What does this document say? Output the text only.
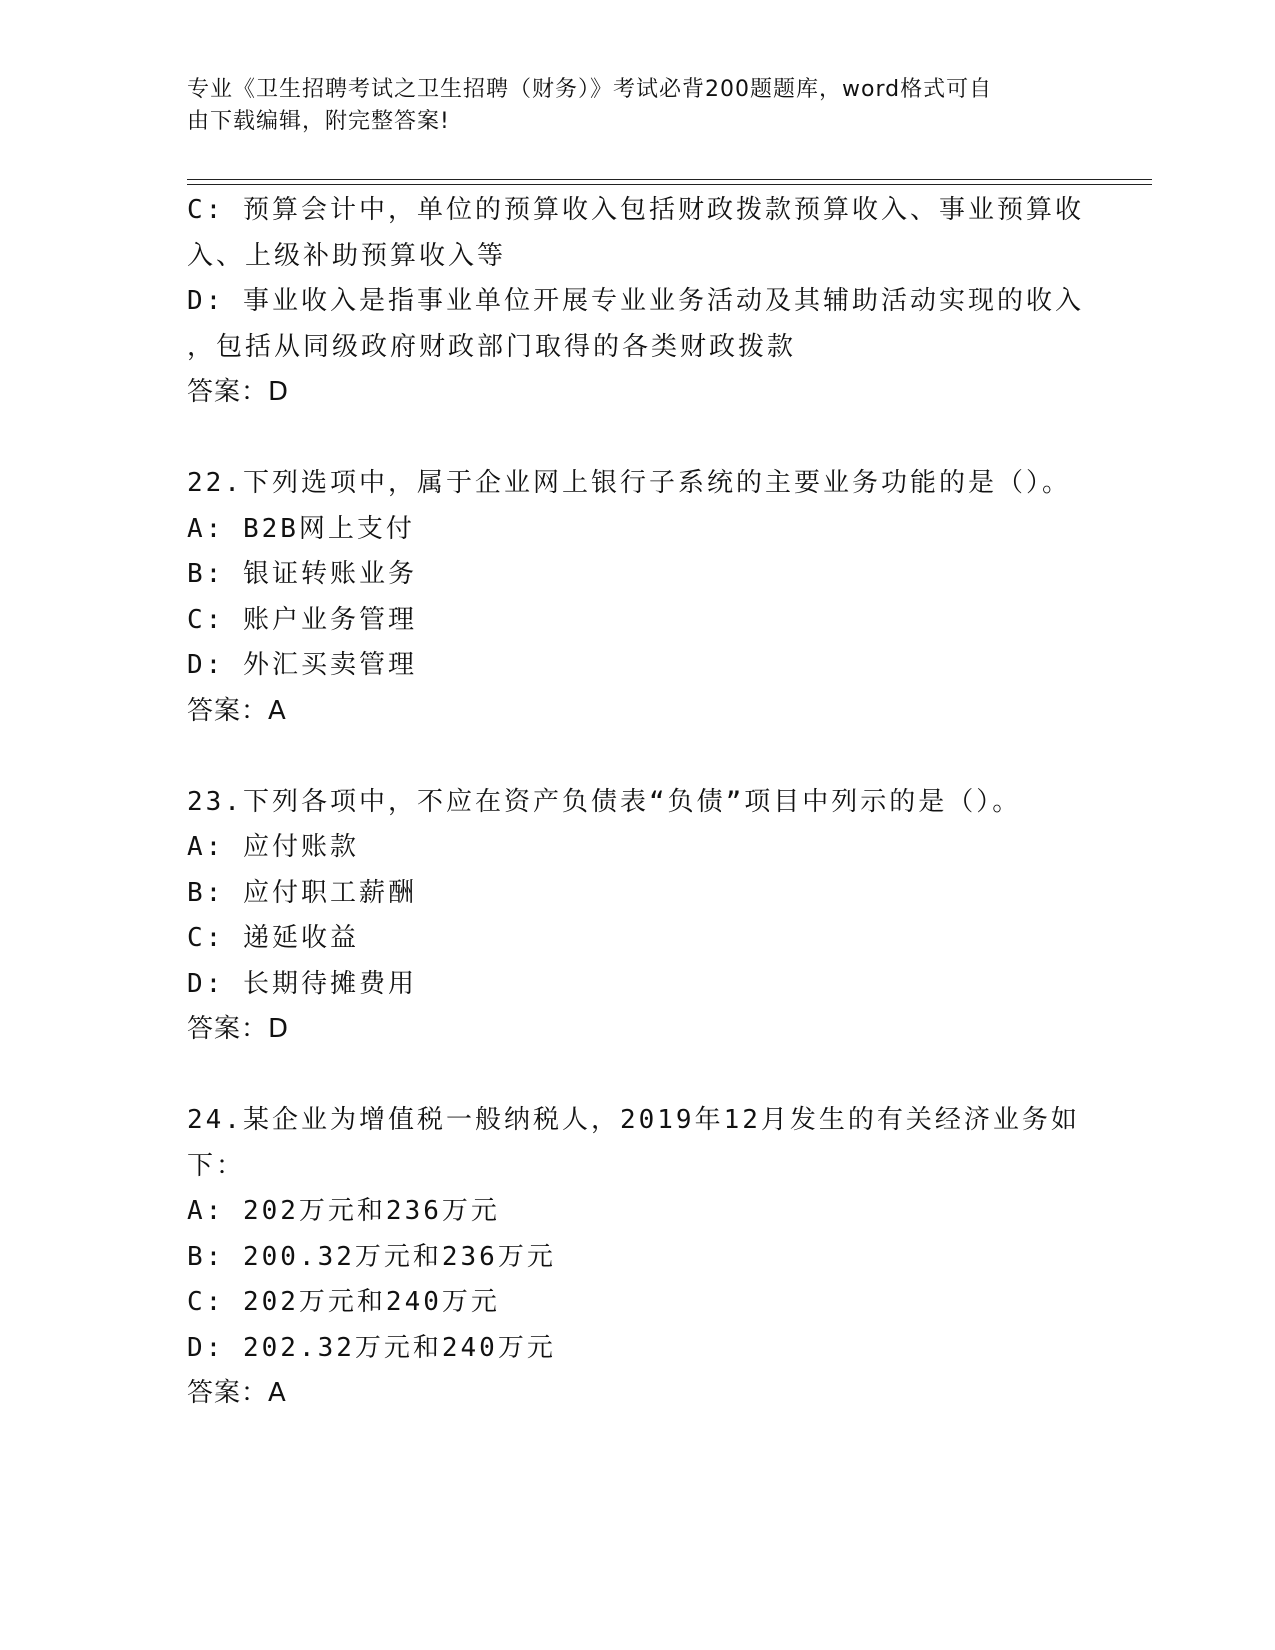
专业《卫生招聘考试之卫生招聘（财务）》考试必背200题题库，word格式可自
由下载编辑，附完整答案!
C: 预算会计中，单位的预算收入包括财政拨款预算收入、事业预算收
入、上级补助预算收入等
D: 事业收入是指事业单位开展专业业务活动及其辅助活动实现的收入
，包括从同级政府财政部门取得的各类财政拨款
答案：D
22.下列选项中，属于企业网上银行子系统的主要业务功能的是（）。
A: B2B网上支付
B: 银证转账业务
C: 账户业务管理
D: 外汇买卖管理
答案：A
23.下列各项中，不应在资产负债表“负债”项目中列示的是（）。
A: 应付账款
B: 应付职工薪酬
C: 递延收益
D: 长期待摊费用
答案：D
24.某企业为增值税一般纳税人，2019年12月发生的有关经济业务如
下：
A: 202万元和236万元
B: 200.32万元和236万元
C: 202万元和240万元
D: 202.32万元和240万元
答案：A
